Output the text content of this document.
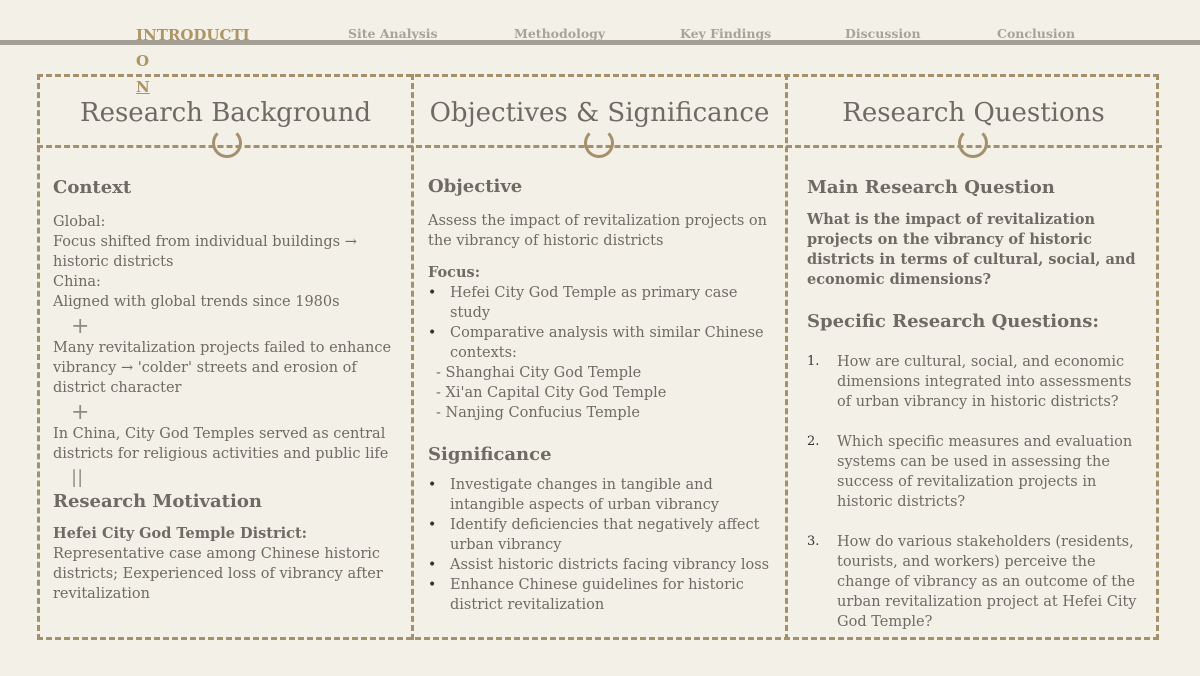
INTRODUCTIO
N
Site Analysis	Methodology	Key Findings	Discussion	Conclusion
Research Background	Objectives & Significance	Research Questions
Context

Global:

Focus shifted from individual buildings → historic districts

China:

Aligned with global trends since 1980s

+

Many revitalization projects failed to enhance vibrancy → 'colder' streets and erosion of district character

+

In China, City God Temples served as central districts for religious activities and public life

||
Research Motivation

Hefei City God Temple District: Representative case among Chinese historic districts; Eexperienced loss of vibrancy after revitalization

Objective

Assess the impact of revitalization projects on the vibrancy of historic districts

Focus:

• Hefei City God Temple as primary case study
• Comparative analysis with similar Chinese contexts:
- Shanghai City God Temple
- Xi'an Capital City God Temple
- Nanjing Confucius Temple
Significance
• Investigate changes in tangible and intangible aspects of urban vibrancy
• Identify deficiencies that negatively affect urban vibrancy
• Assist historic districts facing vibrancy loss
• Enhance Chinese guidelines for historic district revitalization
Main Research Question

What is the impact of revitalization projects on the vibrancy of historic districts in terms of cultural, social, and economic dimensions?

Specific Research Questions:
1. How are cultural, social, and economic dimensions integrated into assessments of urban vibrancy in historic districts?
2. Which specific measures and evaluation systems can be used in assessing the success of revitalization projects in historic districts?
3. How do various stakeholders (residents, tourists, and workers) perceive the change of vibrancy as an outcome of the urban revitalization project at Hefei City God Temple?
